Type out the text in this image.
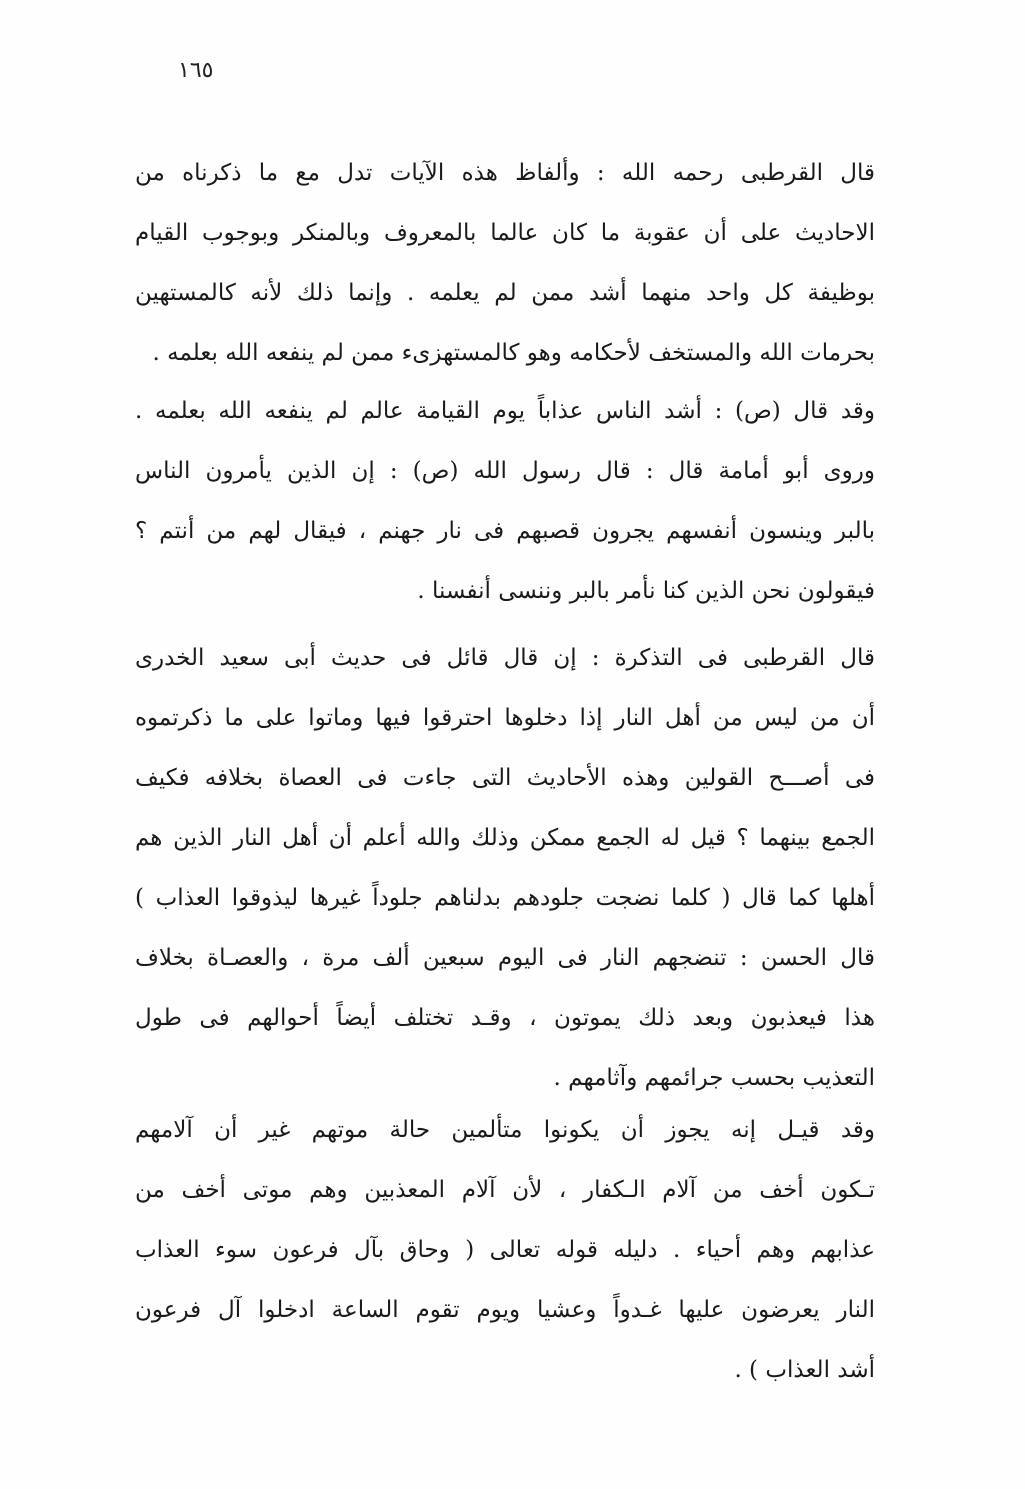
١٦٥
قال القرطبى رحمه الله : وألفاظ هذه الآيات تدل مع ما ذكرناه من
الاحاديث على أن عقوبة ما كان عالما بالمعروف وبالمنكر وبوجوب القيام
بوظيفة كل واحد منهما أشد ممن لم يعلمه . وإنما ذلك لأنه كالمستهين
بحرمات الله والمستخف لأحكامه وهو كالمستهزىء ممن لم ينفعه الله بعلمه .
وقد قال (ص) : أشد الناس عذاباً يوم القيامة عالم لم ينفعه الله بعلمه .
وروى أبو أمامة قال : قال رسول الله (ص) : إن الذين يأمرون الناس
بالبر وينسون أنفسهم يجرون قصبهم فى نار جهنم ، فيقال لهم من أنتم ؟
فيقولون نحن الذين كنا نأمر بالبر وننسى أنفسنا .
قال القرطبى فى التذكرة : إن قال قائل فى حديث أبى سعيد الخدرى
أن من ليس من أهل النار إذا دخلوها احترقوا فيها وماتوا على ما ذكرتموه
فى أصـــح القولين وهذه الأحاديث التى جاءت فى العصاة بخلافه فكيف
الجمع بينهما ؟ قيل له الجمع ممكن وذلك والله أعلم أن أهل النار الذين هم
أهلها كما قال ( كلما نضجت جلودهم بدلناهم جلوداً غيرها ليذوقوا العذاب )
قال الحسن : تنضجهم النار فى اليوم سبعين ألف مرة ، والعصـاة بخلاف
هذا فيعذبون وبعد ذلك يموتون ، وقـد تختلف أيضاً أحوالهم فى طول
التعذيب بحسب جرائمهم وآثامهم .
وقد قيـل إنه يجوز أن يكونوا متألمين حالة موتهم غير أن آلامهم
تـكون أخف من آلام الـكفار ، لأن آلام المعذبين وهم موتى أخف من
عذابهم وهم أحياء . دليله قوله تعالى ( وحاق بآل فرعون سوء العذاب
النار يعرضون عليها غـدواً وعشيا ويوم تقوم الساعة ادخلوا آل فرعون
أشد العذاب ) .
